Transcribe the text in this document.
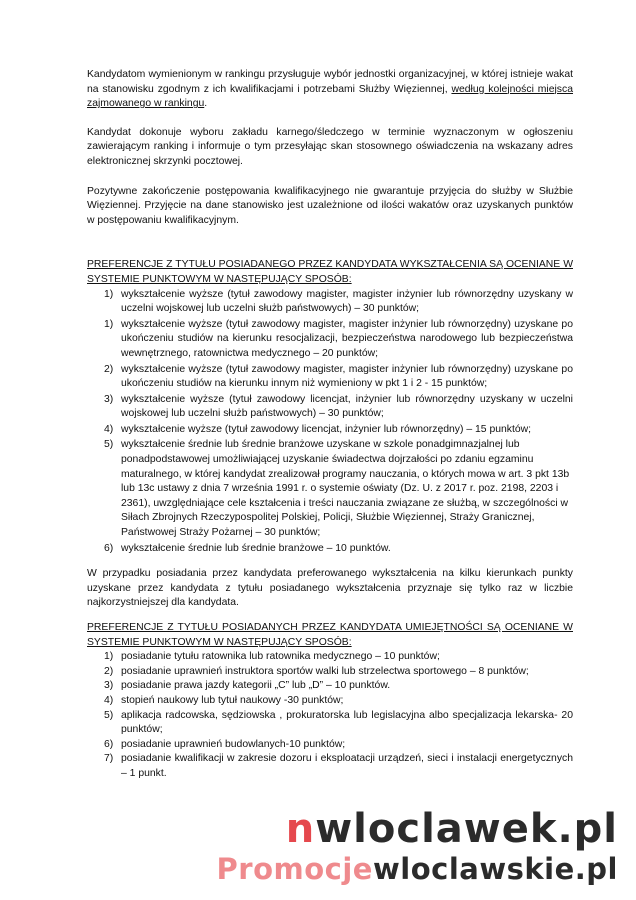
Kandydatom wymienionym w rankingu przysługuje wybór jednostki organizacyjnej, w której istnieje wakat na stanowisku zgodnym z ich kwalifikacjami i potrzebami Służby Więziennej, według kolejności miejsca zajmowanego w rankingu.

Kandydat dokonuje wyboru zakładu karnego/śledczego w terminie wyznaczonym w ogłoszeniu zawierającym ranking i informuje o tym przesyłając skan stosownego oświadczenia na wskazany adres elektronicznej skrzynki pocztowej.

Pozytywne zakończenie postępowania kwalifikacyjnego nie gwarantuje przyjęcia do służby w Służbie Więziennej. Przyjęcie na dane stanowisko jest uzależnione od ilości wakatów oraz uzyskanych punktów w postępowaniu kwalifikacyjnym.

PREFERENCJE Z TYTUŁU POSIADANEGO PRZEZ KANDYDATA WYKSZTAŁCENIA SĄ OCENIANE W SYSTEMIE PUNKTOWYM W NASTĘPUJĄCY SPOSÓB:

1) wykształcenie wyższe (tytuł zawodowy magister, magister inżynier lub równorzędny uzyskany w uczelni wojskowej lub uczelni służb państwowych) – 30 punktów;
1) wykształcenie wyższe (tytuł zawodowy magister, magister inżynier lub równorzędny) uzyskane po ukończeniu studiów na kierunku resocjalizacji, bezpieczeństwa narodowego lub bezpieczeństwa wewnętrznego, ratownictwa medycznego – 20 punktów;
2) wykształcenie wyższe (tytuł zawodowy magister, magister inżynier lub równorzędny) uzyskane po ukończeniu studiów na kierunku innym niż wymieniony w pkt 1 i 2 - 15 punktów;
3) wykształcenie wyższe (tytuł zawodowy licencjat, inżynier lub równorzędny uzyskany w uczelni wojskowej lub uczelni służb państwowych) – 30 punktów;
4) wykształcenie wyższe (tytuł zawodowy licencjat, inżynier lub równorzędny) – 15 punktów;
5) wykształcenie średnie lub średnie branżowe uzyskane w szkole ponadgimnazjalnej lub ponadpodstawowej umożliwiającej uzyskanie świadectwa dojrzałości po zdaniu egzaminu maturalnego, w której kandydat zrealizował programy nauczania, o których mowa w art. 3 pkt 13b lub 13c ustawy z dnia 7 września 1991 r. o systemie oświaty (Dz. U. z 2017 r. poz. 2198, 2203 i 2361), uwzględniające cele kształcenia i treści nauczania związane ze służbą, w szczególności w Siłach Zbrojnych Rzeczypospolitej Polskiej, Policji, Służbie Więziennej, Straży Granicznej, Państwowej Straży Pożarnej – 30 punktów;
6) wykształcenie średnie lub średnie branżowe – 10 punktów.

W przypadku posiadania przez kandydata preferowanego wykształcenia na kilku kierunkach punkty uzyskane przez kandydata z tytułu posiadanego wykształcenia przyznaje się tylko raz w liczbie najkorzystniejszej dla kandydata.

PREFERENCJE Z TYTUŁU POSIADANYCH PRZEZ KANDYDATA UMIEJĘTNOŚCI SĄ OCENIANE W SYSTEMIE PUNKTOWYM W NASTĘPUJĄCY SPOSÓB:

1) posiadanie tytułu ratownika lub ratownika medycznego – 10 punktów;
2) posiadanie uprawnień instruktora sportów walki lub strzelectwa sportowego – 8 punktów;
3) posiadanie prawa jazdy kategorii „C” lub „D” – 10 punktów.
4) stopień naukowy lub tytuł naukowy -30 punktów;
5) aplikacja radcowska, sędziowska , prokuratorska lub legislacyjna albo specjalizacja lekarska- 20 punktów;
6) posiadanie uprawnień budowlanych-10 punktów;
7) posiadanie kwalifikacji w zakresie dozoru i eksploatacji urządzeń, sieci i instalacji energetycznych – 1 punkt.
nwloclawek.pl
Promocjewloclawskie.pl
